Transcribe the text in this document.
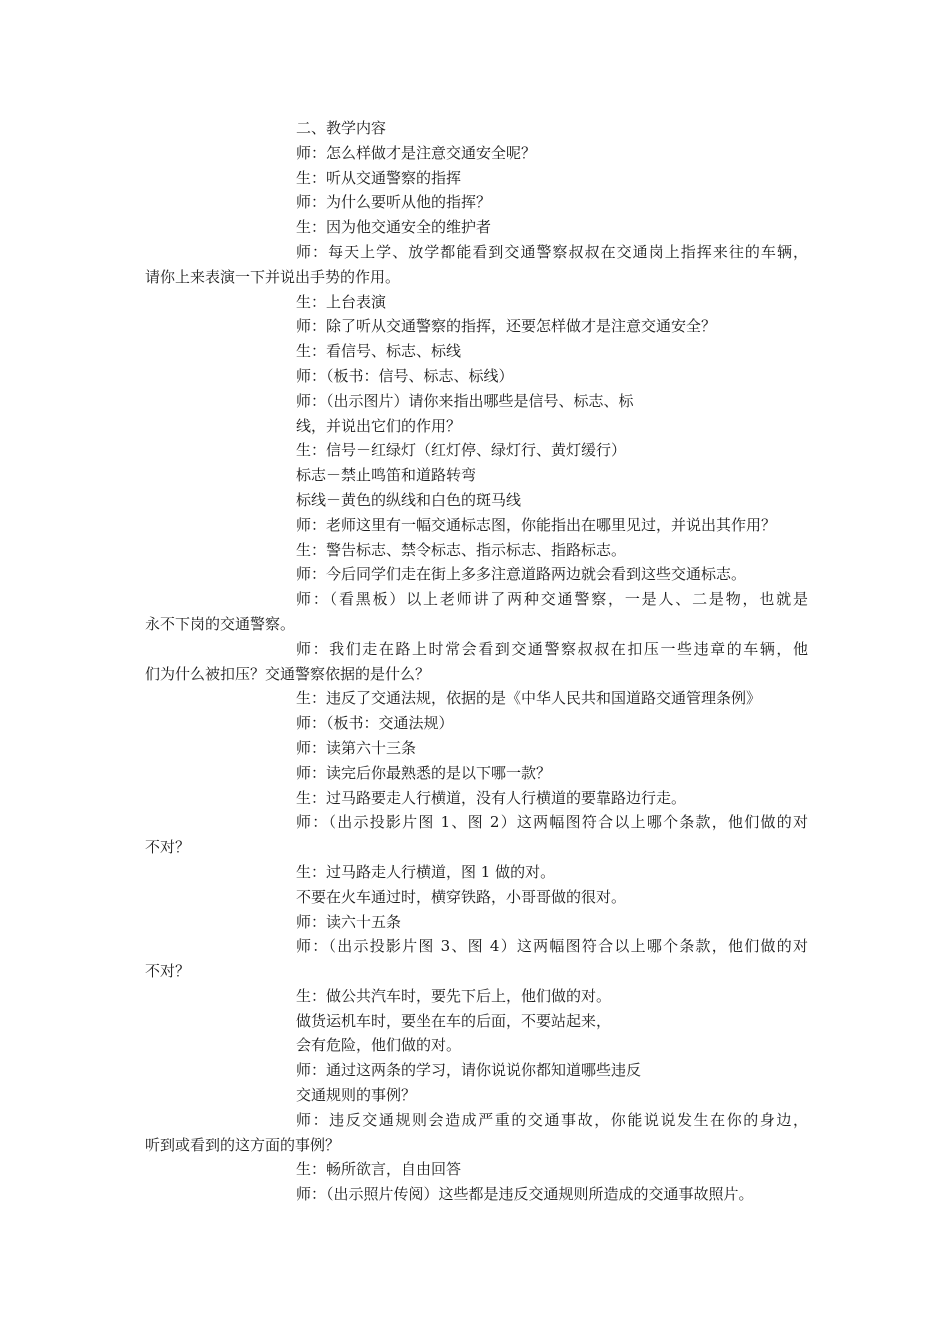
二、教学内容
师：怎么样做才是注意交通安全呢？
生：听从交通警察的指挥
师：为什么要听从他的指挥？
生：因为他交通安全的维护者
师：每天上学、放学都能看到交通警察叔叔在交通岗上指挥来往的车辆，
请你上来表演一下并说出手势的作用。
生：上台表演
师：除了听从交通警察的指挥，还要怎样做才是注意交通安全？
生：看信号、标志、标线
师：（板书：信号、标志、标线）
师：（出示图片）请你来指出哪些是信号、标志、标
线，并说出它们的作用？
生：信号－红绿灯（红灯停、绿灯行、黄灯缓行）
标志－禁止鸣笛和道路转弯
标线－黄色的纵线和白色的斑马线
师：老师这里有一幅交通标志图，你能指出在哪里见过，并说出其作用？
生：警告标志、禁令标志、指示标志、指路标志。
师：今后同学们走在街上多多注意道路两边就会看到这些交通标志。
师：（看黑板）以上老师讲了两种交通警察，一是人、二是物，也就是
永不下岗的交通警察。
师：我们走在路上时常会看到交通警察叔叔在扣压一些违章的车辆，他
们为什么被扣压？交通警察依据的是什么？
生：违反了交通法规，依据的是《中华人民共和国道路交通管理条例》
师：（板书：交通法规）
师：读第六十三条
师：读完后你最熟悉的是以下哪一款？
生：过马路要走人行横道，没有人行横道的要靠路边行走。
师：（出示投影片图 1、图 2）这两幅图符合以上哪个条款，他们做的对
不对？
生：过马路走人行横道，图 1 做的对。
不要在火车通过时，横穿铁路，小哥哥做的很对。
师：读六十五条
师：（出示投影片图 3、图 4）这两幅图符合以上哪个条款，他们做的对
不对？
生：做公共汽车时，要先下后上，他们做的对。
做货运机车时，要坐在车的后面，不要站起来，
会有危险，他们做的对。
师：通过这两条的学习，请你说说你都知道哪些违反
交通规则的事例？
师：违反交通规则会造成严重的交通事故，你能说说发生在你的身边，
听到或看到的这方面的事例？
生：畅所欲言，自由回答
师：（出示照片传阅）这些都是违反交通规则所造成的交通事故照片。
